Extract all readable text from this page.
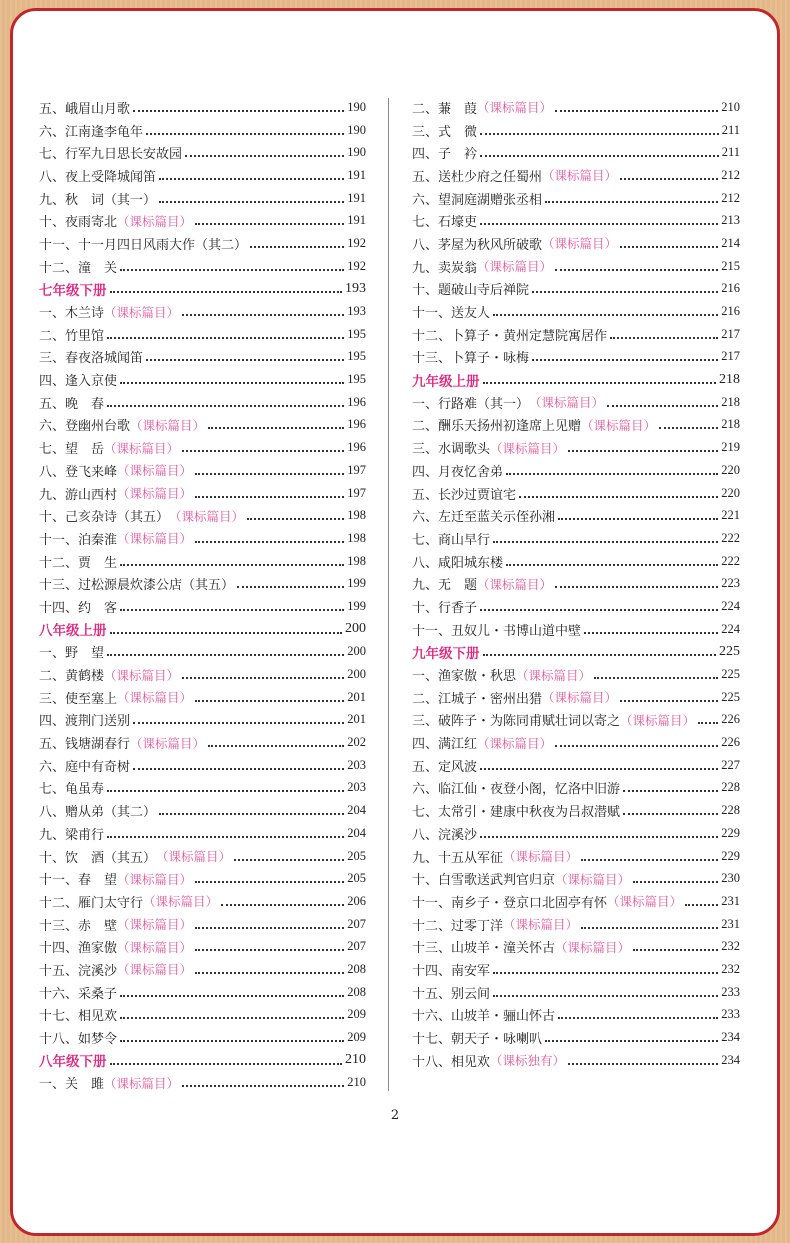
五、峨眉山月歌	190
六、江南逢李龟年	190
七、行军九日思长安故园	190
八、夜上受降城闻笛	191
九、秋　词（其一）	191
十、夜雨寄北 （课标篇目）	191
十一、十一月四日风雨大作（其二）	192
十二、潼　关	192
七年级下册	193
一、木兰诗 （课标篇目）	193
二、竹里馆	195
三、春夜洛城闻笛	195
四、逢入京使	195
五、晚　春	196
六、登幽州台歌 （课标篇目）	196
七、望　岳 （课标篇目）	196
八、登飞来峰 （课标篇目）	197
九、游山西村 （课标篇目）	197
十、己亥杂诗（其五） （课标篇目）	198
十一、泊秦淮 （课标篇目）	198
十二、贾　生	198
十三、过松源晨炊漆公店（其五）	199
十四、约　客	199
八年级上册	200
一、野　望	200
二、黄鹤楼 （课标篇目）	200
三、使至塞上 （课标篇目）	201
四、渡荆门送别	201
五、钱塘湖春行 （课标篇目）	202
六、庭中有奇树	203
七、龟虽寿	203
八、赠从弟（其二）	204
九、梁甫行	204
十、饮　酒（其五） （课标篇目）	205
十一、春　望 （课标篇目）	205
十二、雁门太守行 （课标篇目）	206
十三、赤　壁 （课标篇目）	207
十四、渔家傲 （课标篇目）	207
十五、浣溪沙 （课标篇目）	208
十六、采桑子	208
十七、相见欢	209
十八、如梦令	209
八年级下册	210
一、关　雎 （课标篇目）	210
二、蒹　葭 （课标篇目）	210
三、式　微	211
四、子　衿	211
五、送杜少府之任蜀州 （课标篇目）	212
六、望洞庭湖赠张丞相	212
七、石壕吏	213
八、茅屋为秋风所破歌 （课标篇目）	214
九、卖炭翁 （课标篇目）	215
十、题破山寺后禅院	216
十一、送友人	216
十二、卜算子・黄州定慧院寓居作	217
十三、卜算子・咏梅	217
九年级上册	218
一、行路难（其一） （课标篇目）	218
二、酬乐天扬州初逢席上见赠 （课标篇目）	218
三、水调歌头 （课标篇目）	219
四、月夜忆舍弟	220
五、长沙过贾谊宅	220
六、左迁至蓝关示侄孙湘	221
七、商山早行	222
八、咸阳城东楼	222
九、无　题 （课标篇目）	223
十、行香子	224
十一、丑奴儿・书博山道中壁	224
九年级下册	225
一、渔家傲・秋思 （课标篇目）	225
二、江城子・密州出猎 （课标篇目）	225
三、破阵子・为陈同甫赋壮词以寄之 （课标篇目） 226
四、满江红 （课标篇目）	226
五、定风波	227
六、临江仙・夜登小阁，忆洛中旧游	228
七、太常引・建康中秋夜为吕叔潜赋	228
八、浣溪沙	229
九、十五从军征 （课标篇目）	229
十、白雪歌送武判官归京 （课标篇目）	230
十一、南乡子・登京口北固亭有怀 （课标篇目）	231
十二、过零丁洋 （课标篇目）	231
十三、山坡羊・潼关怀古 （课标篇目）	232
十四、南安军	232
十五、别云间	233
十六、山坡羊・骊山怀古	233
十七、朝天子・咏喇叭	234
十八、相见欢 （课标独有）	234
2
